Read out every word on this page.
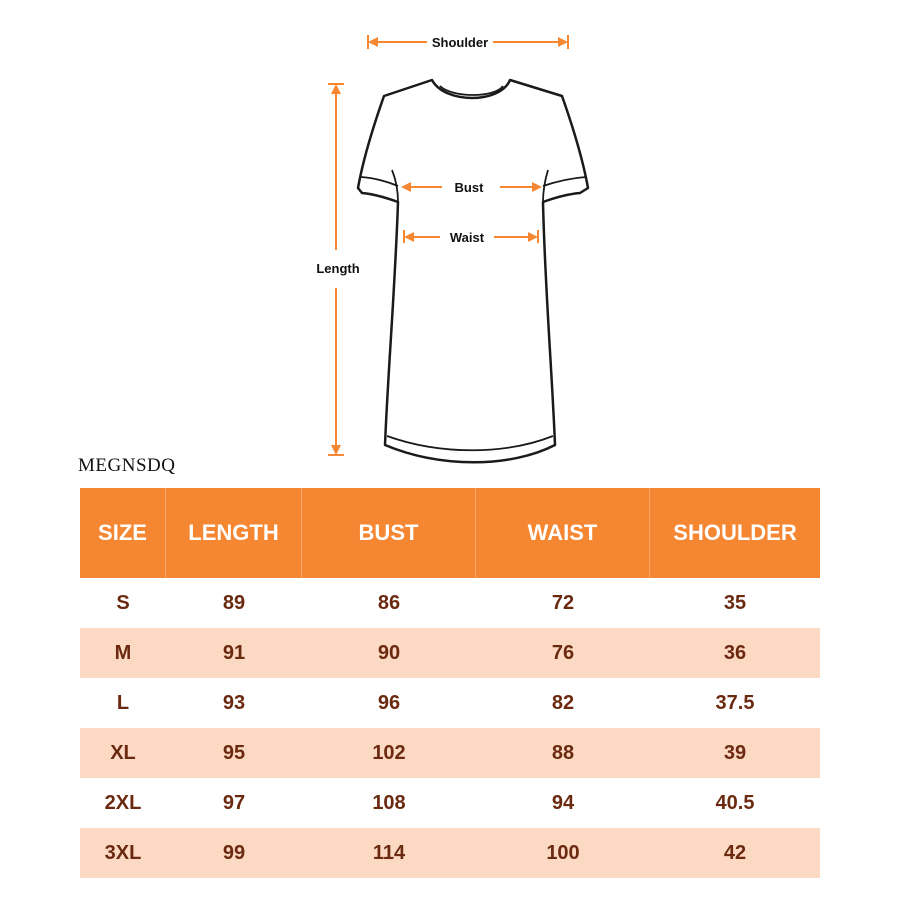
Shoulder
Bust
Waist
Length
MEGNSDQ
SIZE	LENGTH	BUST	WAIST	SHOULDER
S	89	86	72	35
M	91	90	76	36
L	93	96	82	37.5
XL	95	102	88	39
2XL	97	108	94	40.5
3XL	99	114	100	42
